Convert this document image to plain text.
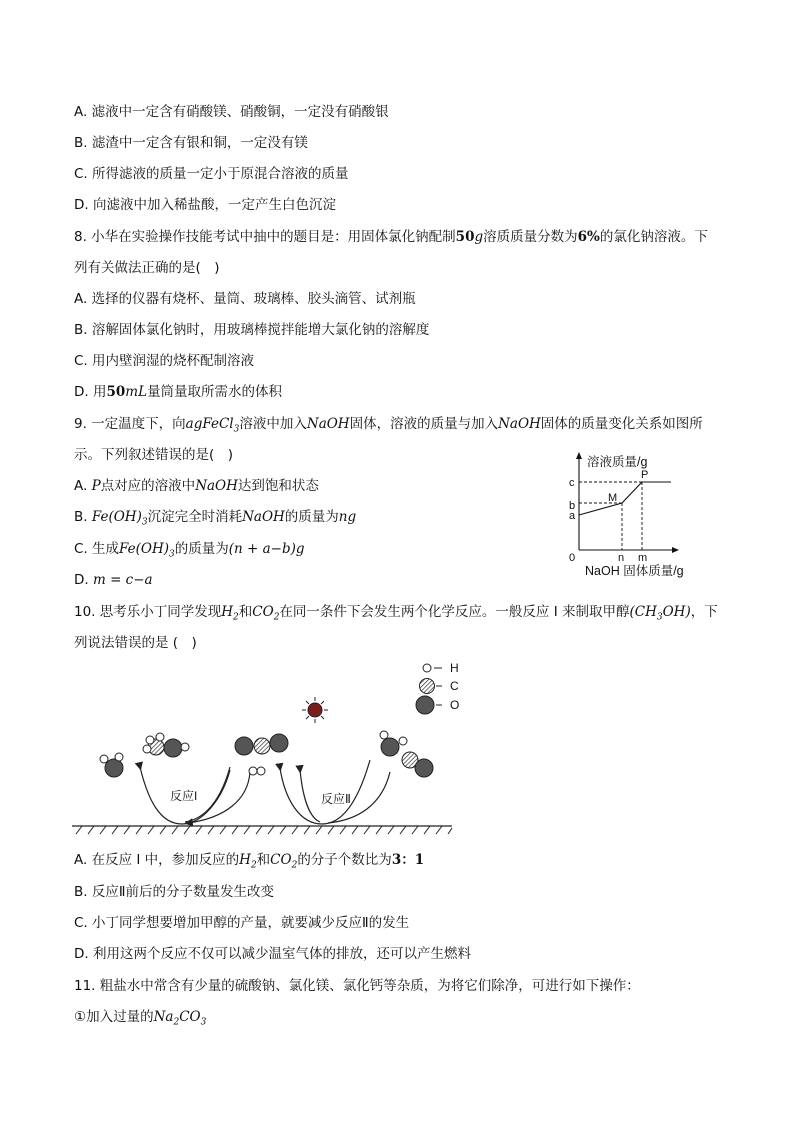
A. 滤液中一定含有硝酸镁、硝酸铜，一定没有硝酸银
B. 滤渣中一定含有银和铜，一定没有镁
C. 所得滤液的质量一定小于原混合溶液的质量
D. 向滤液中加入稀盐酸，一定产生白色沉淀
8. 小华在实验操作技能考试中抽中的题目是：用固体氯化钠配制50g溶质质量分数为6%的氯化钠溶液。下
列有关做法正确的是(　)
A. 选择的仪器有烧杯、量筒、玻璃棒、胶头滴管、试剂瓶
B. 溶解固体氯化钠时，用玻璃棒搅拌能增大氯化钠的溶解度
C. 用内壁润湿的烧杯配制溶液
D. 用50mL量筒量取所需水的体积
9. 一定温度下，向agFeCl$_3$溶液中加入NaOH固体，溶液的质量与加入NaOH固体的质量变化关系如图所
示。下列叙述错误的是(　)
A. P点对应的溶液中NaOH达到饱和状态
B. $Fe(OH)_3$沉淀完全时消耗NaOH的质量为ng
C. 生成$Fe(OH)_3$的质量为(n + a−b)g
D. m = c−a
溶液质量/g
0
a
b
c
n m
M
P
NaOH 固体质量/g
10. 思考乐小丁同学发现$H_2$和$CO_2$在同一条件下会发生两个化学反应。一般反应 I 来制取甲醇$(CH_3OH)$，下
列说法错误的是 (　)
H
C
O
反应I	反应Ⅱ
A. 在反应 I 中，参加反应的$H_2$和$CO_2$的分子个数比为3：1
B. 反应Ⅱ前后的分子数量发生改变
C. 小丁同学想要增加甲醇的产量，就要减少反应Ⅱ的发生
D. 利用这两个反应不仅可以减少温室气体的排放，还可以产生燃料
11. 粗盐水中常含有少量的硫酸钠、氯化镁、氯化钙等杂质，为将它们除净，可进行如下操作：
①加入过量的$Na_2CO_3$
